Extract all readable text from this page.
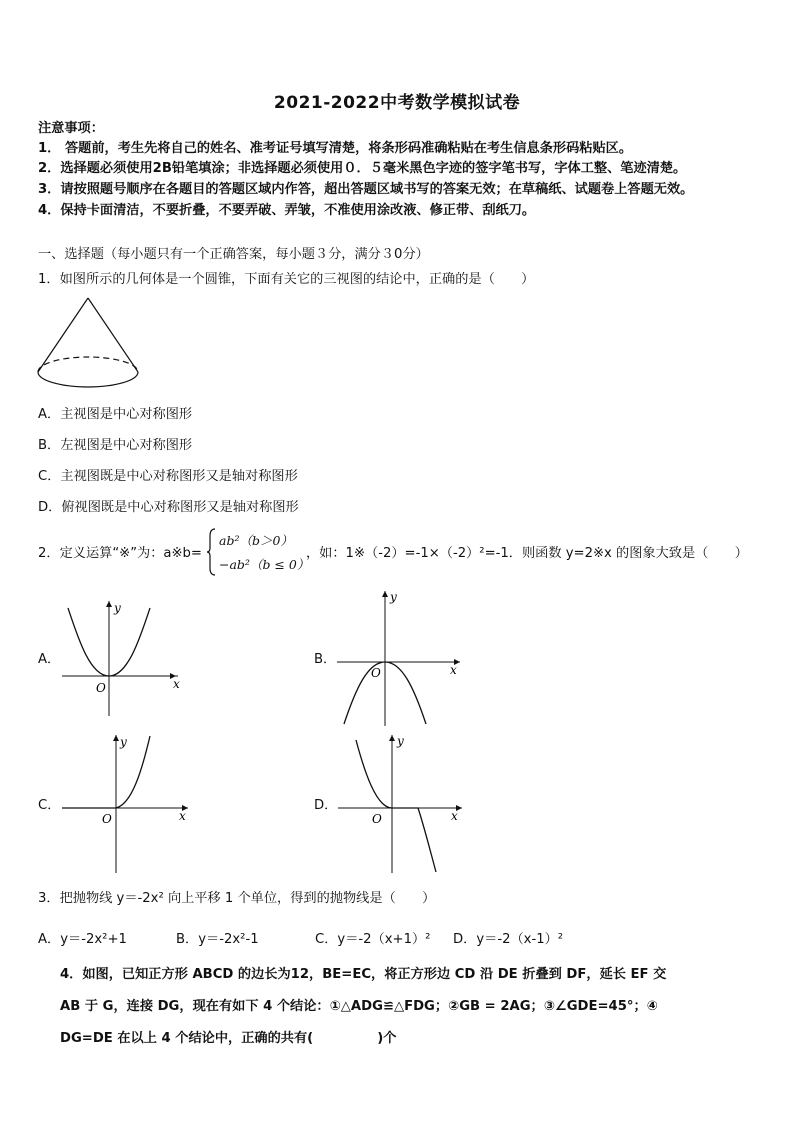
2021-2022中考数学模拟试卷
注意事项：
1． 答题前，考生先将自己的姓名、准考证号填写清楚，将条形码准确粘贴在考生信息条形码粘贴区。
2．选择题必须使用2B铅笔填涂；非选择题必须使用０．５毫米黑色字迹的签字笔书写，字体工整、笔迹清楚。
3．请按照题号顺序在各题目的答题区域内作答，超出答题区域书写的答案无效；在草稿纸、试题卷上答题无效。
4．保持卡面清洁，不要折叠，不要弄破、弄皱，不准使用涂改液、修正带、刮纸刀。
一、选择题（每小题只有一个正确答案，每小题３分，满分３0分）
1．如图所示的几何体是一个圆锥，下面有关它的三视图的结论中，正确的是（　　）
A．主视图是中心对称图形
B．左视图是中心对称图形
C．主视图既是中心对称图形又是轴对称图形
D．俯视图既是中心对称图形又是轴对称图形
2．定义运算“※”为：a※b=
ab²（b＞0）
−ab²（b ≤ 0）
，如：1※（-2）=-1×（-2）²=-1．则函数 y=2※x 的图象大致是（　　）
A．
y
x
O
B．
y
x
O
C．
y
x
O
D．
y
x
O
3．把抛物线 y＝-2x² 向上平移 1 个单位，得到的抛物线是（　　）
A．y＝-2x²+1	B．y＝-2x²-1	C．y＝-2（x+1）² D．y＝-2（x-1）²
4．如图，已知正方形 ABCD 的边长为12，BE=EC，将正方形边 CD 沿 DE 折叠到 DF，延长 EF 交
AB 于 G，连接 DG，现在有如下 4 个结论：①△ADG≌△FDG；②GB = 2AG；③∠GDE=45°；④
DG=DE 在以上 4 个结论中，正确的共有(	)个
